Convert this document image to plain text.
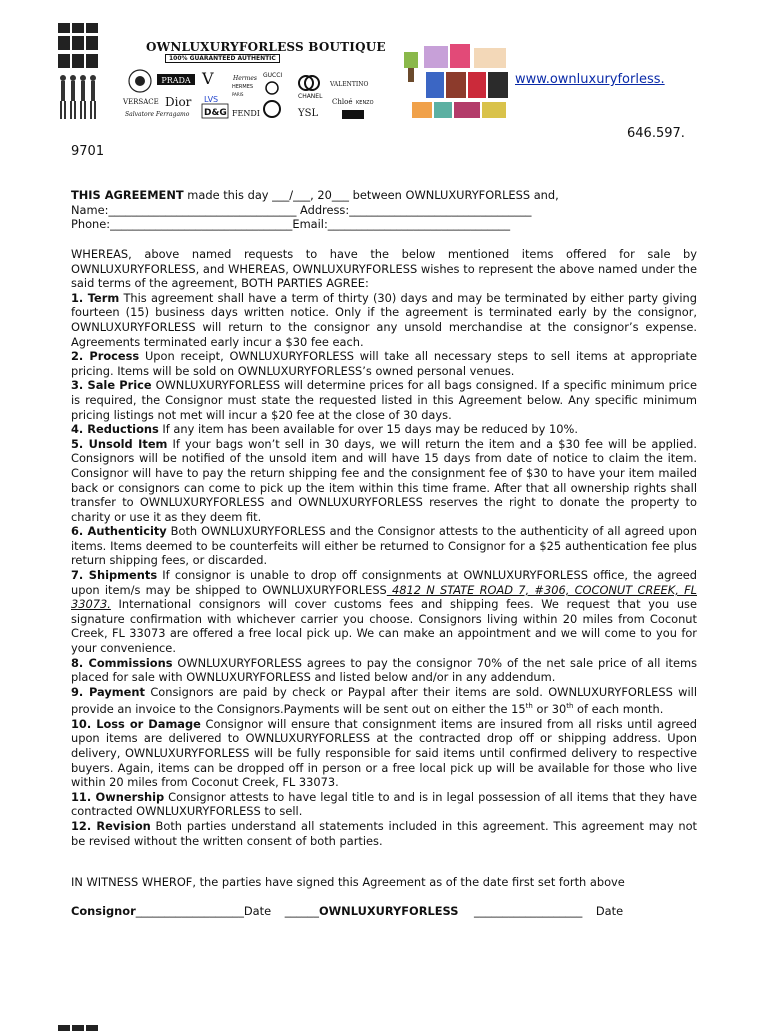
PRADA
VERSACE Dior
Salvatore Ferragamo
V
LVS
D&G
Hermes
HERMES
PARIS
FENDI
GUCCI
CHANEL
YSL
VALENTINO
Chloé KENZO
OWNLUXURYFORLESS BOUTIQUE
100% GUARANTEED AUTHENTIC
www.ownluxuryforless.
646.597.
9701
THIS AGREEMENT made this day ___/___, 20___ between OWNLUXURYFORLESS and,
Name:_________________________________ Address:________________________________
Phone:________________________________Email:________________________________

WHEREAS, above named requests to have the below mentioned items offered for sale by OWNLUXURYFORLESS, and WHEREAS, OWNLUXURYFORLESS wishes to represent the above named under the said terms of the agreement, BOTH PARTIES AGREE:

1. Term This agreement shall have a term of thirty (30) days and may be terminated by either party giving fourteen (15) business days written notice. Only if the agreement is terminated early by the consignor, OWNLUXURYFORLESS will return to the consignor any unsold merchandise at the consignor’s expense. Agreements terminated early incur a $30 fee each.

2. Process Upon receipt, OWNLUXURYFORLESS will take all necessary steps to sell items at appropriate pricing. Items will be sold on OWNLUXURYFORLESS’s owned personal venues.

3. Sale Price OWNLUXURYFORLESS will determine prices for all bags consigned. If a specific minimum price is required, the Consignor must state the requested listed in this Agreement below. Any specific minimum pricing listings not met will incur a $20 fee at the close of 30 days.

4. Reductions If any item has been available for over 15 days may be reduced by 10%.

5. Unsold Item If your bags won’t sell in 30 days, we will return the item and a $30 fee will be applied. Consignors will be notified of the unsold item and will have 15 days from date of notice to claim the item. Consignor will have to pay the return shipping fee and the consignment fee of $30 to have your item mailed back or consignors can come to pick up the item within this time frame. After that all ownership rights shall transfer to OWNLUXURYFORLESS and OWNLUXURYFORLESS reserves the right to donate the property to charity or use it as they deem fit.

6. Authenticity Both OWNLUXURYFORLESS and the Consignor attests to the authenticity of all agreed upon items. Items deemed to be counterfeits will either be returned to Consignor for a $25 authentication fee plus return shipping fees, or discarded.

7. Shipments If consignor is unable to drop off consignments at OWNLUXURYFORLESS office, the agreed upon item/s may be shipped to OWNLUXURYFORLESS 4812 N STATE ROAD 7, #306, COCONUT CREEK, FL 33073. International consignors will cover customs fees and shipping fees. We request that you use signature confirmation with whichever carrier you choose. Consignors living within 20 miles from Coconut Creek, FL 33073 are offered a free local pick up. We can make an appointment and we will come to you for your convenience.

8. Commissions OWNLUXURYFORLESS agrees to pay the consignor 70% of the net sale price of all items placed for sale with OWNLUXURYFORLESS and listed below and/or in any addendum.

9. Payment Consignors are paid by check or Paypal after their items are sold. OWNLUXURYFORLESS will provide an invoice to the Consignors.Payments will be sent out on either the 15th or 30th of each month.

10. Loss or Damage Consignor will ensure that consignment items are insured from all risks until agreed upon items are delivered to OWNLUXURYFORLESS at the contracted drop off or shipping address. Upon delivery, OWNLUXURYFORLESS will be fully responsible for said items until confirmed delivery to respective buyers. Again, items can be dropped off in person or a free local pick up will be available for those who live within 20 miles from Coconut Creek, FL 33073.

11. Ownership Consignor attests to have legal title to and is in legal possession of all items that they have contracted OWNLUXURYFORLESS to sell.

12. Revision Both parties understand all statements included in this agreement. This agreement may not be revised without the written consent of both parties.

IN WITNESS WHEROF, the parties have signed this Agreement as of the date first set forth above
Consignor___________________Date ______OWNLUXURYFORLESS ___________________ Date
